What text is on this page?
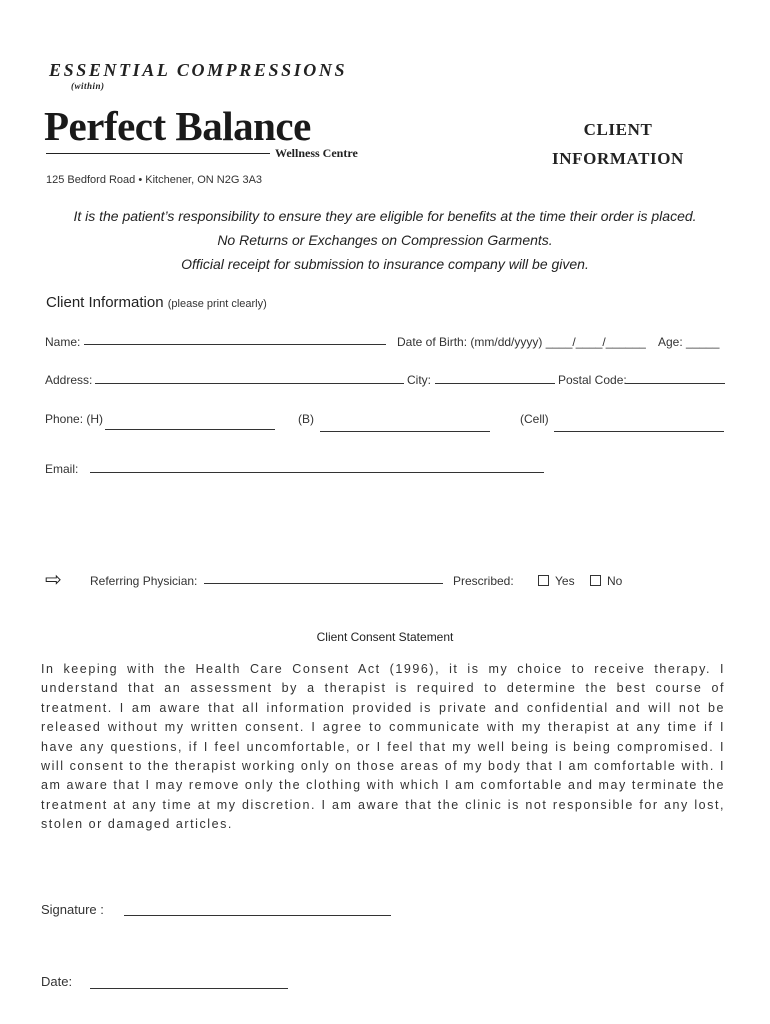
ESSENTIAL COMPRESSIONS
(within)
Perfect Balance
Wellness Centre
125 Bedford Road • Kitchener, ON N2G 3A3
CLIENT
INFORMATION
It is the patient’s responsibility to ensure they are eligible for benefits at the time their order is placed.
No Returns or Exchanges on Compression Garments.
Official receipt for submission to insurance company will be given.
Client Information (please print clearly)
Name:	Date of Birth: (mm/dd/yyyy) ____/____/______ Age: _____
Address:	City:	Postal Code:
Phone: (H)	(B)	(Cell)
Email:
⇨ Referring Physician:	Prescribed:	Yes	No
Client Consent Statement
In keeping with the Health Care Consent Act (1996), it is my choice to receive therapy. I understand that an assessment by a therapist is required to determine the best course of treatment. I am aware that all information provided is private and confidential and will not be released without my written consent. I agree to communicate with my therapist at any time if I have any questions, if I feel uncomfortable, or I feel that my well being is being compromised. I will consent to the therapist working only on those areas of my body that I am comfortable with. I am aware that I may remove only the clothing with which I am comfortable and may terminate the treatment at any time at my discretion. I am aware that the clinic is not responsible for any lost, stolen or damaged articles.
Signature :
Date:
